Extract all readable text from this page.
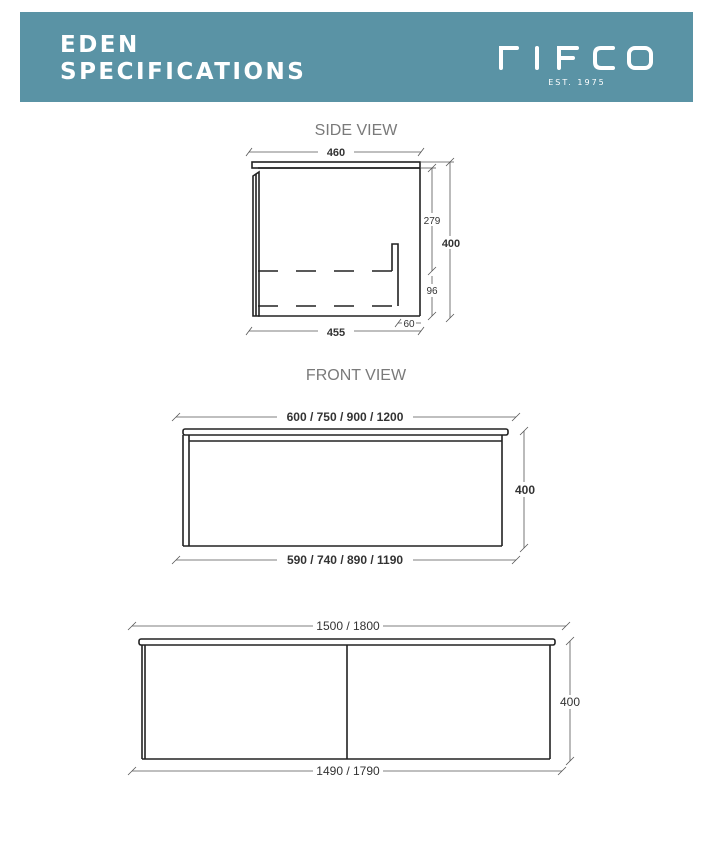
EDEN
SPECIFICATIONS	EST. 1975
SIDE VIEW
460
279
400
96
455
60
FRONT VIEW
600 / 750 / 900 / 1200
400
590 / 740 / 890 / 1190
1500 / 1800
400
1490 / 1790
